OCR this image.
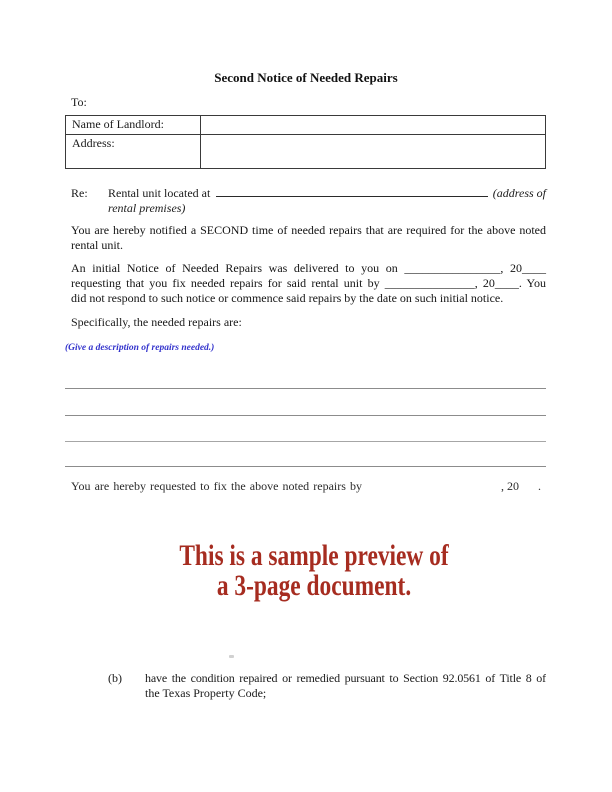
Second Notice of Needed Repairs
To:
Name of Landlord:	
Address:	
Re:	Rental unit located at	(address of
rental premises)
You are hereby notified a SECOND time of needed repairs that are required for the above noted
rental unit.
An initial Notice of Needed Repairs was delivered to you on ________________, 20____
requesting that you fix needed repairs for said rental unit by _______________, 20____. You
did not respond to such notice or commence said repairs by the date on such initial notice.
Specifically, the needed repairs are:
(Give a description of repairs needed.)
You are hereby requested to fix the above noted repairs by	, 20 .
This is a sample preview of
a 3-page document.
(b)	have the condition repaired or remedied pursuant to Section 92.0561 of Title 8 of
the Texas Property Code;
